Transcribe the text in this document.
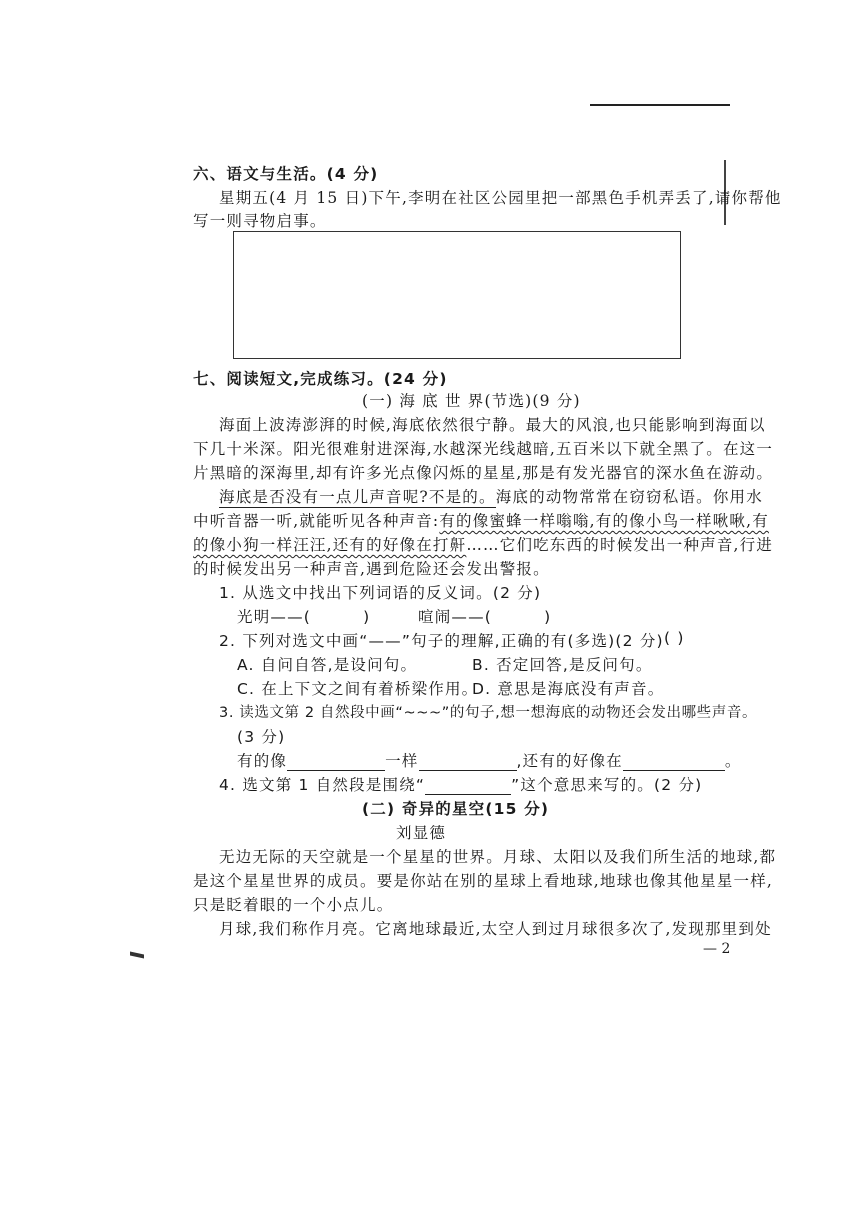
六、语文与生活。(4 分)
星期五(4 月 15 日)下午,李明在社区公园里把一部黑色手机弄丢了,请你帮他
写一则寻物启事。
七、阅读短文,完成练习。(24 分)
(一) 海 底 世 界(节选)(9 分)
海面上波涛澎湃的时候,海底依然很宁静。最大的风浪,也只能影响到海面以
下几十米深。阳光很难射进深海,水越深光线越暗,五百米以下就全黑了。在这一
片黑暗的深海里,却有许多光点像闪烁的星星,那是有发光器官的深水鱼在游动。
海底是否没有一点儿声音呢?不是的。海底的动物常常在窃窃私语。你用水
中听音器一听,就能听见各种声音:有的像蜜蜂一样嗡嗡,有的像小鸟一样啾啾,有
的像小狗一样汪汪,还有的好像在打鼾……它们吃东西的时候发出一种声音,行进
的时候发出另一种声音,遇到危险还会发出警报。
1. 从选文中找出下列词语的反义词。(2 分)
光明——(	)	喧闹——(	)
2. 下列对选文中画“——”句子的理解,正确的有(多选)(2 分) ( )
A. 自问自答,是设问句。	B. 否定回答,是反问句。
C. 在上下文之间有着桥梁作用。
D. 意思是海底没有声音。
3. 读选文第 2 自然段中画“~~~”的句子,想一想海底的动物还会发出哪些声音。
(3 分)
有的像	一样	,还有的好像在	。
4. 选文第 1 自然段是围绕“	”这个意思来写的。(2 分)
(二) 奇异的星空(15 分)
刘显德
无边无际的天空就是一个星星的世界。月球、太阳以及我们所生活的地球,都
是这个星星世界的成员。要是你站在别的星球上看地球,地球也像其他星星一样,
只是眨着眼的一个小点儿。
月球,我们称作月亮。它离地球最近,太空人到过月球很多次了,发现那里到处
— 2
